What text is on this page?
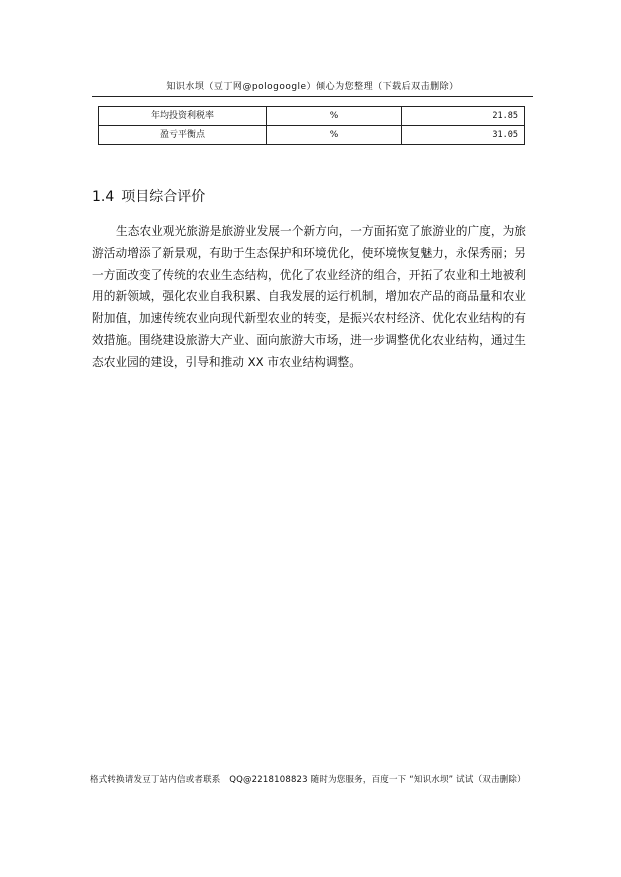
知识水坝（豆丁网@pologoogle）倾心为您整理（下载后双击删除）
年均投资利税率	%	21.85
盈亏平衡点	%	31.05
1.4 项目综合评价
生态农业观光旅游是旅游业发展一个新方向，一方面拓宽了旅游业的广度，为旅游活动增添了新景观，有助于生态保护和环境优化，使环境恢复魅力，永保秀丽；另一方面改变了传统的农业生态结构，优化了农业经济的组合，开拓了农业和土地被利用的新领域，强化农业自我积累、自我发展的运行机制，增加农产品的商品量和农业附加值，加速传统农业向现代新型农业的转变，是振兴农村经济、优化农业结构的有效措施。围绕建设旅游大产业、面向旅游大市场，进一步调整优化农业结构，通过生态农业园的建设，引导和推动 XX 市农业结构调整。
格式转换请发豆丁站内信或者联系　QQ@2218108823 随时为您服务，百度一下 “知识水坝” 试试（双击删除）
